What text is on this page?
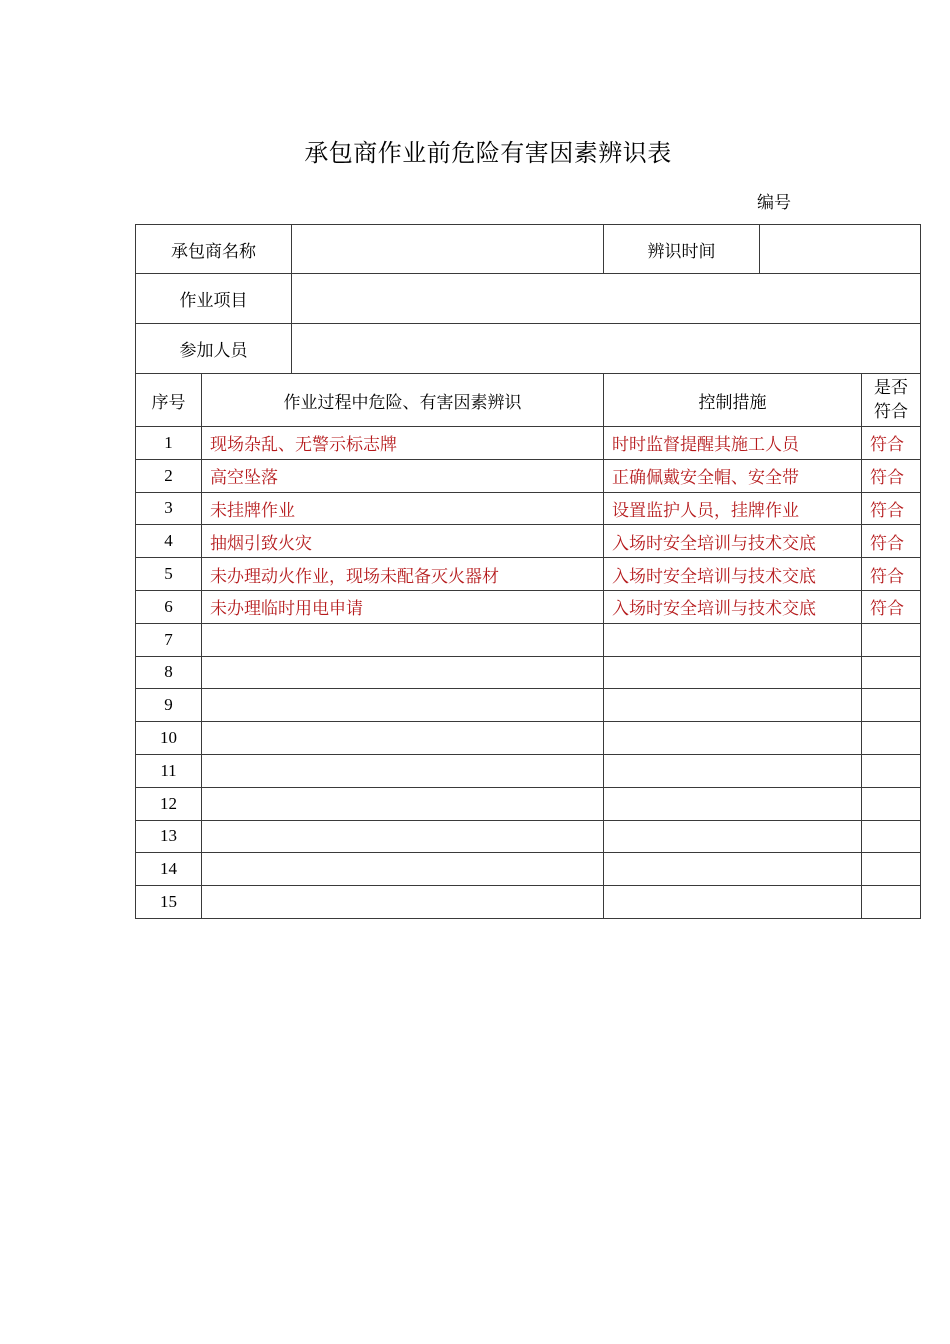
承包商作业前危险有害因素辨识表
编号
承包商名称			辨识时间		
作业项目					
参加人员					
序号	作业过程中危险、有害因素辨识		控制措施		是否
符合
1	现场杂乱、无警示标志牌		时时监督提醒其施工人员		符合
2	高空坠落		正确佩戴安全帽、安全带		符合
3	未挂牌作业		设置监护人员，挂牌作业		符合
4	抽烟引致火灾		入场时安全培训与技术交底		符合
5	未办理动火作业，现场未配备灭火器材		入场时安全培训与技术交底		符合
6	未办理临时用电申请		入场时安全培训与技术交底		符合
7					
8					
9					
10					
11					
12					
13					
14					
15					
